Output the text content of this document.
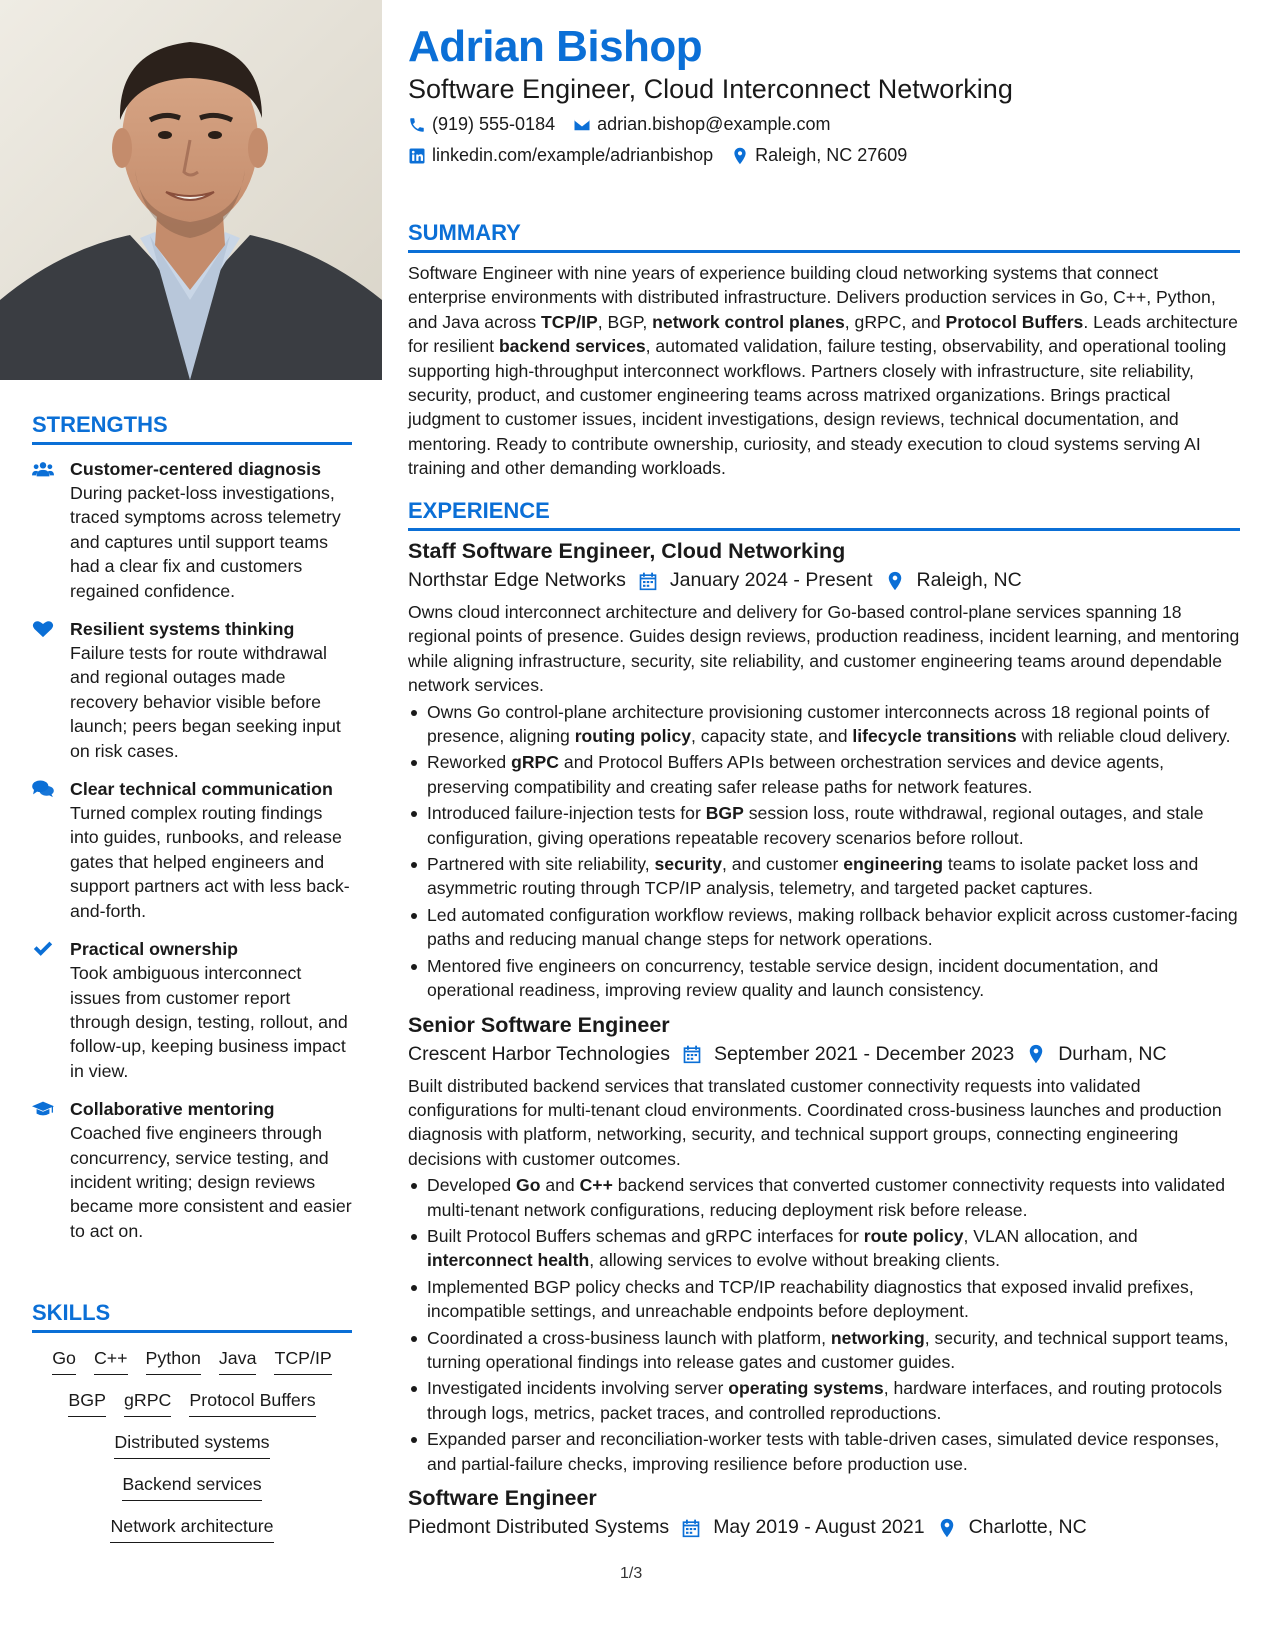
STRENGTHS
Customer-centered diagnosis
During packet-loss investigations, traced symptoms across telemetry and captures until support teams had a clear fix and customers regained confidence.
Resilient systems thinking
Failure tests for route withdrawal and regional outages made recovery behavior visible before launch; peers began seeking input on risk cases.
Clear technical communication
Turned complex routing findings into guides, runbooks, and release gates that helped engineers and support partners act with less back-and-forth.
Practical ownership
Took ambiguous interconnect issues from customer report through design, testing, rollout, and follow-up, keeping business impact in view.
Collaborative mentoring
Coached five engineers through concurrency, service testing, and incident writing; design reviews became more consistent and easier to act on.
SKILLS
Go C++ Python Java TCP/IP
BGP gRPC Protocol Buffers
Distributed systems
Backend services
Network architecture
Adrian Bishop
Software Engineer, Cloud Interconnect Networking
(919) 555-0184 adrian.bishop@example.com
linkedin.com/example/adrianbishop Raleigh, NC 27609
SUMMARY

Software Engineer with nine years of experience building cloud networking systems that connect enterprise environments with distributed infrastructure. Delivers production services in Go, C++, Python, and Java across TCP/IP, BGP, network control planes, gRPC, and Protocol Buffers. Leads architecture for resilient backend services, automated validation, failure testing, observability, and operational tooling supporting high-throughput interconnect workflows. Partners closely with infrastructure, site reliability, security, product, and customer engineering teams across matrixed organizations. Brings practical judgment to customer issues, incident investigations, design reviews, technical documentation, and mentoring. Ready to contribute ownership, curiosity, and steady execution to cloud systems serving AI training and other demanding workloads.

EXPERIENCE
Staff Software Engineer, Cloud Networking
Northstar Edge Networks January 2024 - Present Raleigh, NC
Owns cloud interconnect architecture and delivery for Go-based control-plane services spanning 18 regional points of presence. Guides design reviews, production readiness, incident learning, and mentoring while aligning infrastructure, security, site reliability, and customer engineering teams around dependable network services.
Owns Go control-plane architecture provisioning customer interconnects across 18 regional points of presence, aligning routing policy, capacity state, and lifecycle transitions with reliable cloud delivery.
Reworked gRPC and Protocol Buffers APIs between orchestration services and device agents, preserving compatibility and creating safer release paths for network features.
Introduced failure-injection tests for BGP session loss, route withdrawal, regional outages, and stale configuration, giving operations repeatable recovery scenarios before rollout.
Partnered with site reliability, security, and customer engineering teams to isolate packet loss and asymmetric routing through TCP/IP analysis, telemetry, and targeted packet captures.
Led automated configuration workflow reviews, making rollback behavior explicit across customer-facing paths and reducing manual change steps for network operations.
Mentored five engineers on concurrency, testable service design, incident documentation, and operational readiness, improving review quality and launch consistency.
Senior Software Engineer
Crescent Harbor Technologies September 2021 - December 2023 Durham, NC
Built distributed backend services that translated customer connectivity requests into validated configurations for multi-tenant cloud environments. Coordinated cross-business launches and production diagnosis with platform, networking, security, and technical support groups, connecting engineering decisions with customer outcomes.
Developed Go and C++ backend services that converted customer connectivity requests into validated multi-tenant network configurations, reducing deployment risk before release.
Built Protocol Buffers schemas and gRPC interfaces for route policy, VLAN allocation, and interconnect health, allowing services to evolve without breaking clients.
Implemented BGP policy checks and TCP/IP reachability diagnostics that exposed invalid prefixes, incompatible settings, and unreachable endpoints before deployment.
Coordinated a cross-business launch with platform, networking, security, and technical support teams, turning operational findings into release gates and customer guides.
Investigated incidents involving server operating systems, hardware interfaces, and routing protocols through logs, metrics, packet traces, and controlled reproductions.
Expanded parser and reconciliation-worker tests with table-driven cases, simulated device responses, and partial-failure checks, improving resilience before production use.
Software Engineer
Piedmont Distributed Systems May 2019 - August 2021 Charlotte, NC
1/3
